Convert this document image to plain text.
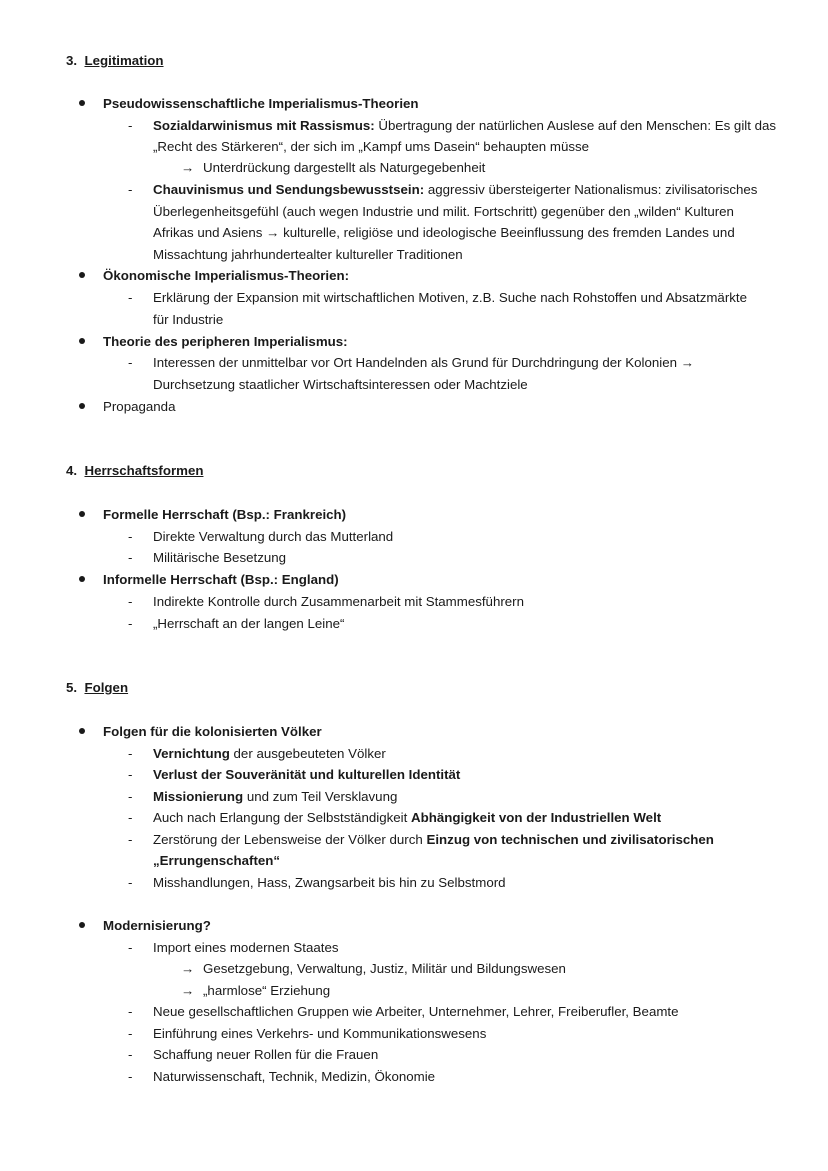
3. Legitimation
Pseudowissenschaftliche Imperialismus-Theorien
- Sozialdarwinismus mit Rassismus: Übertragung der natürlichen Auslese auf den Menschen: Es gilt das
„Recht des Stärkeren“, der sich im „Kampf ums Dasein“ behaupten müsse
→ Unterdrückung dargestellt als Naturgegebenheit
- Chauvinismus und Sendungsbewusstsein: aggressiv übersteigerter Nationalismus: zivilisatorisches
Überlegenheitsgefühl (auch wegen Industrie und milit. Fortschritt) gegenüber den „wilden“ Kulturen
Afrikas und Asiens → kulturelle, religiöse und ideologische Beeinflussung des fremden Landes und
Missachtung jahrhundertealter kultureller Traditionen
Ökonomische Imperialismus-Theorien:
- Erklärung der Expansion mit wirtschaftlichen Motiven, z.B. Suche nach Rohstoffen und Absatzmärkte
für Industrie
Theorie des peripheren Imperialismus:
- Interessen der unmittelbar vor Ort Handelnden als Grund für Durchdringung der Kolonien →
Durchsetzung staatlicher Wirtschaftsinteressen oder Machtziele
Propaganda
4. Herrschaftsformen
Formelle Herrschaft (Bsp.: Frankreich)
- Direkte Verwaltung durch das Mutterland
- Militärische Besetzung
Informelle Herrschaft (Bsp.: England)
- Indirekte Kontrolle durch Zusammenarbeit mit Stammesführern
- „Herrschaft an der langen Leine“
5. Folgen
Folgen für die kolonisierten Völker
- Vernichtung der ausgebeuteten Völker
- Verlust der Souveränität und kulturellen Identität
- Missionierung und zum Teil Versklavung
- Auch nach Erlangung der Selbstständigkeit Abhängigkeit von der Industriellen Welt
- Zerstörung der Lebensweise der Völker durch Einzug von technischen und zivilisatorischen
„Errungenschaften“
- Misshandlungen, Hass, Zwangsarbeit bis hin zu Selbstmord
Modernisierung?
- Import eines modernen Staates
→ Gesetzgebung, Verwaltung, Justiz, Militär und Bildungswesen
→ „harmlose“ Erziehung
- Neue gesellschaftlichen Gruppen wie Arbeiter, Unternehmer, Lehrer, Freiberufler, Beamte
- Einführung eines Verkehrs- und Kommunikationswesens
- Schaffung neuer Rollen für die Frauen
- Naturwissenschaft, Technik, Medizin, Ökonomie
